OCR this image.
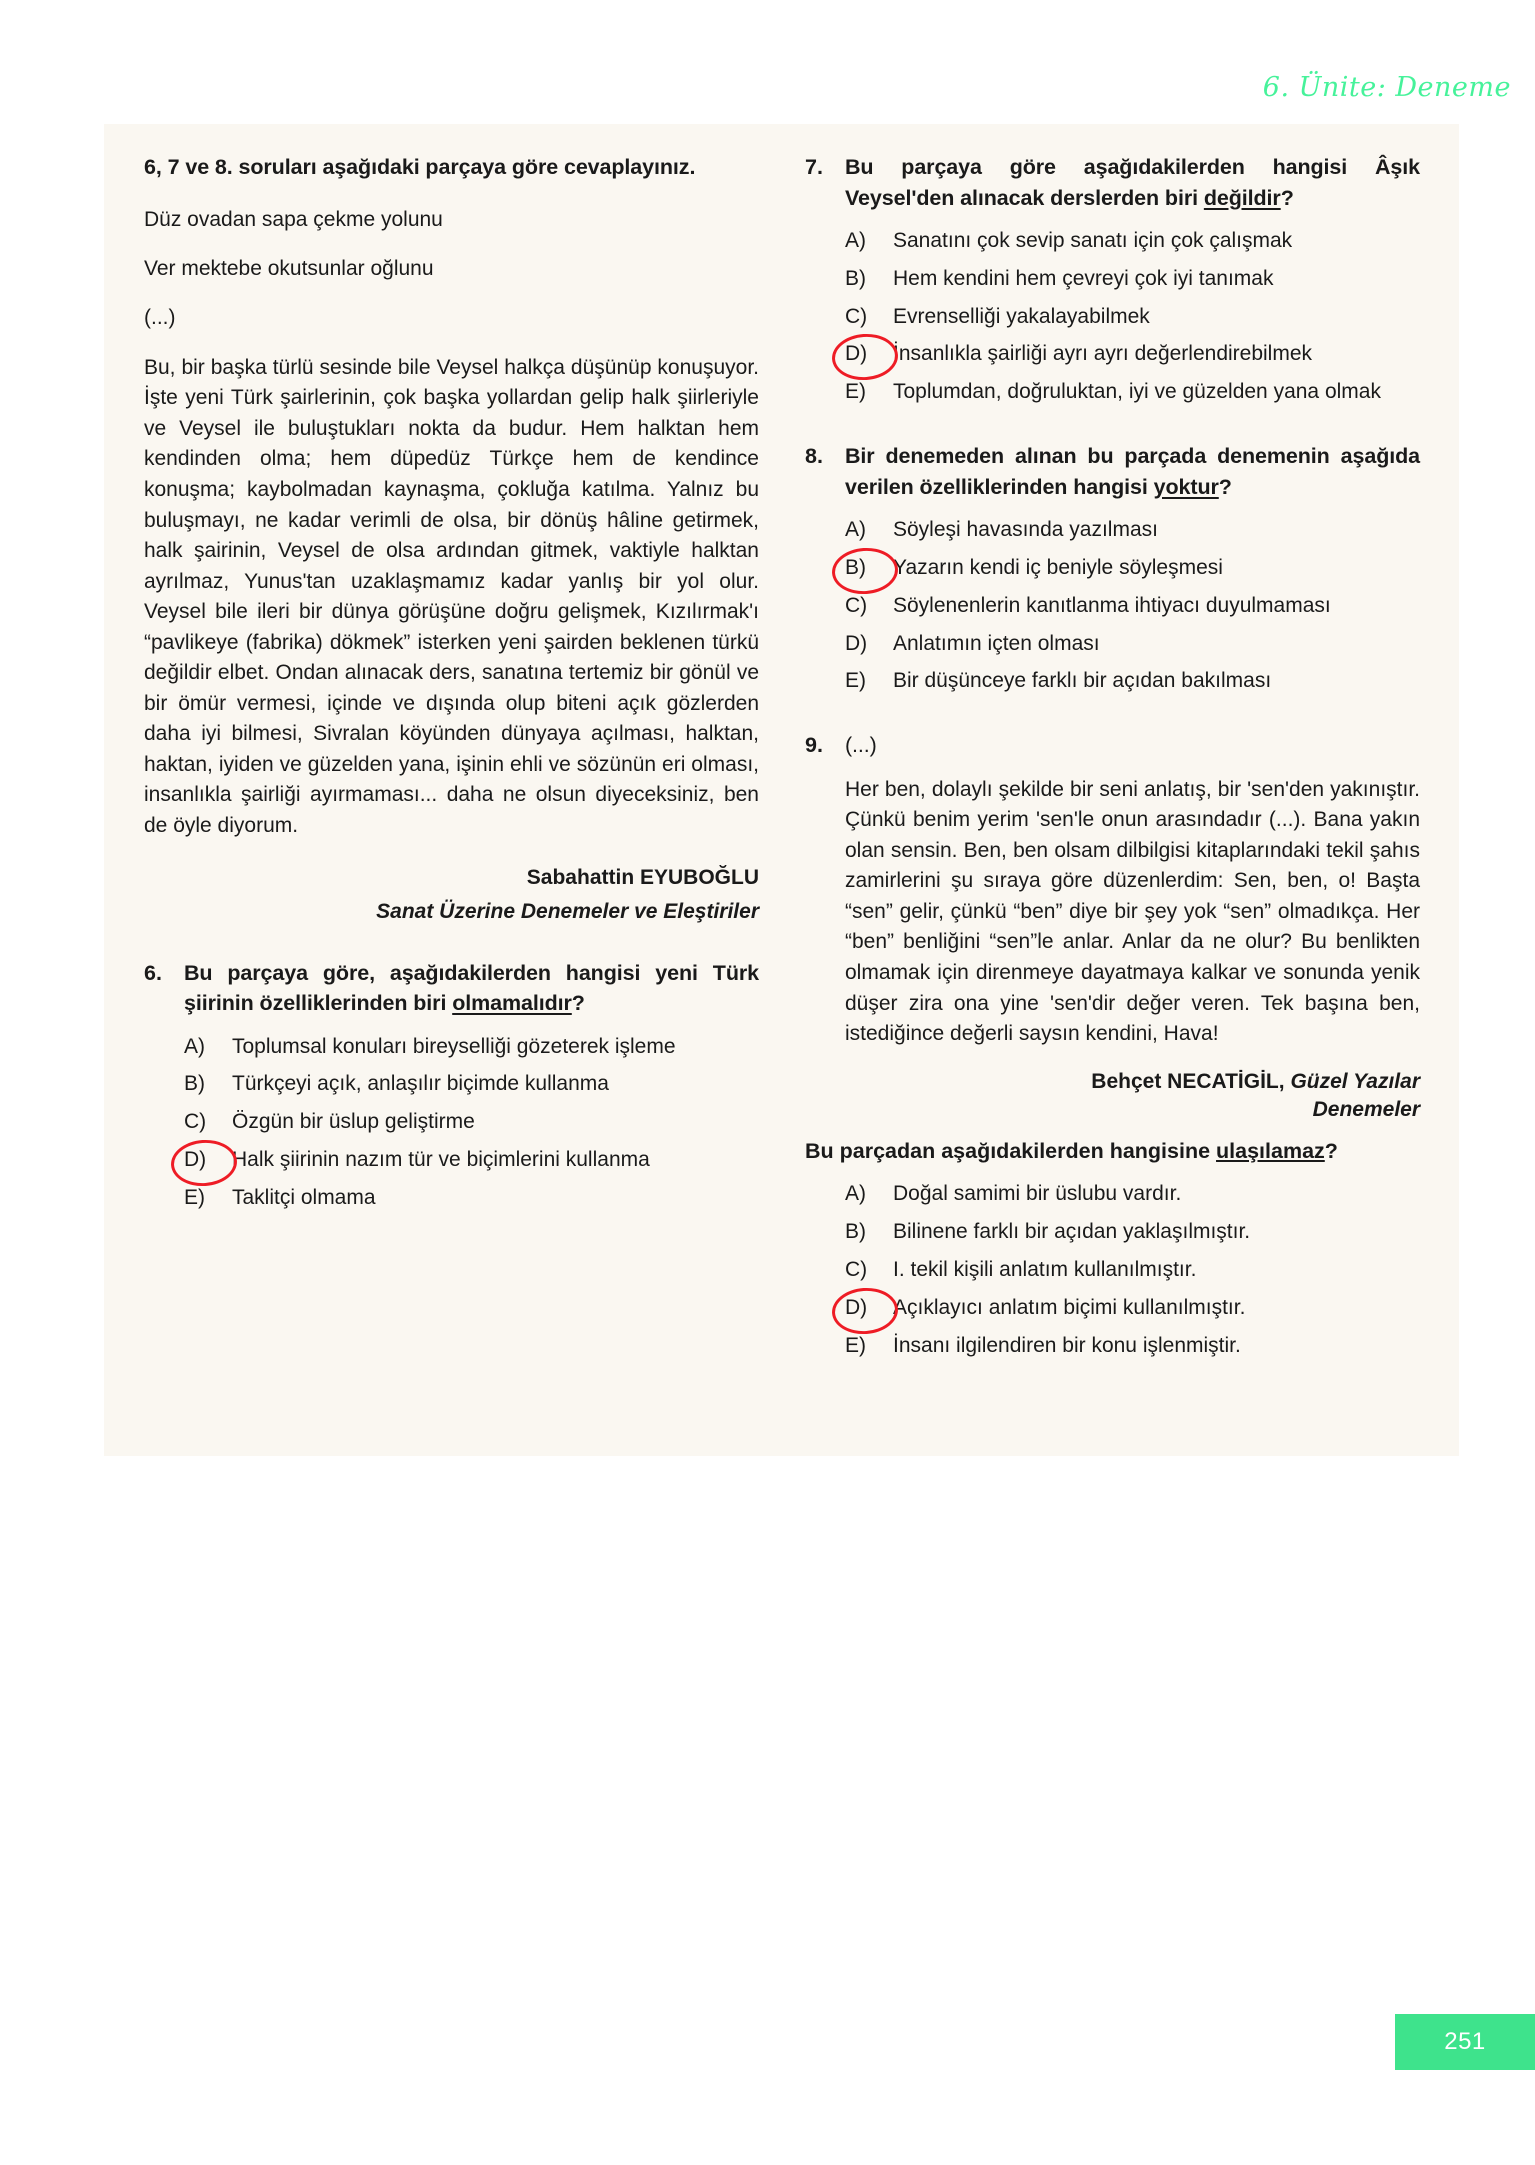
6. Ünite: Deneme

6, 7 ve 8. soruları aşağıdaki parçaya göre cevaplayınız.

Düz ovadan sapa çekme yolunu

Ver mektebe okutsunlar oğlunu

(...)

Bu, bir başka türlü sesinde bile Veysel halkça düşünüp konuşuyor. İşte yeni Türk şairlerinin, çok başka yollardan gelip halk şiirleriyle ve Veysel ile buluştukları nokta da budur. Hem halktan hem kendinden olma; hem düpedüz Türkçe hem de kendince konuşma; kaybolmadan kaynaşma, çokluğa katılma. Yalnız bu buluşmayı, ne kadar verimli de olsa, bir dönüş hâline getirmek, halk şairinin, Veysel de olsa ardından gitmek, vaktiyle halktan ayrılmaz, Yunus'tan uzaklaşmamız kadar yanlış bir yol olur. Veysel bile ileri bir dünya görüşüne doğru gelişmek, Kızılırmak'ı “pavlikeye (fabrika) dökmek” isterken yeni şairden beklenen türkü değildir elbet. Ondan alınacak ders, sanatına tertemiz bir gönül ve bir ömür vermesi, içinde ve dışında olup biteni açık gözlerden daha iyi bilmesi, Sivralan köyünden dünyaya açılması, halktan, haktan, iyiden ve güzelden yana, işinin ehli ve sözünün eri olması, insanlıkla şairliği ayırmaması... daha ne olsun diyeceksiniz, ben de öyle diyorum.

Sabahattin EYUBOĞLU

Sanat Üzerine Denemeler ve Eleştiriler

6.	Bu parçaya göre, aşağıdakilerden hangisi yeni Türk şiirinin özelliklerinden biri olmamalıdır?
A)	Toplumsal konuları bireyselliği gözeterek işleme
B)	Türkçeyi açık, anlaşılır biçimde kullanma
C)	Özgün bir üslup geliştirme
D)	Halk şiirinin nazım tür ve biçimlerini kullanma
E)	Taklitçi olmama
7.	Bu parçaya göre aşağıdakilerden hangisi Âşık Veysel'den alınacak derslerden biri değildir?
A)	Sanatını çok sevip sanatı için çok çalışmak
B)	Hem kendini hem çevreyi çok iyi tanımak
C)	Evrenselliği yakalayabilmek
D)	İnsanlıkla şairliği ayrı ayrı değerlendirebilmek
E)	Toplumdan, doğruluktan, iyi ve güzelden yana olmak
8.	Bir denemeden alınan bu parçada denemenin aşağıda verilen özelliklerinden hangisi yoktur?
A)	Söyleşi havasında yazılması
B)	Yazarın kendi iç beniyle söyleşmesi
C)	Söylenenlerin kanıtlanma ihtiyacı duyulmaması
D)	Anlatımın içten olması
E)	Bir düşünceye farklı bir açıdan bakılması
9.	(...)
Her ben, dolaylı şekilde bir seni anlatış, bir 'sen'den yakınıştır. Çünkü benim yerim 'sen'le onun arasındadır (...). Bana yakın olan sensin. Ben, ben olsam dilbilgisi kitaplarındaki tekil şahıs zamirlerini şu sıraya göre düzenlerdim: Sen, ben, o! Başta “sen” gelir, çünkü “ben” diye bir şey yok “sen” olmadıkça. Her “ben” benliğini “sen”le anlar. Anlar da ne olur? Bu benlikten olmamak için direnmeye dayatmaya kalkar ve sonunda yenik düşer zira ona yine 'sen'dir değer veren. Tek başına ben, istediğince değerli saysın kendini, Hava!

Behçet NECATİGİL, Güzel Yazılar

Denemeler

Bu parçadan aşağıdakilerden hangisine ulaşılamaz?
A)	Doğal samimi bir üslubu vardır.
B)	Bilinene farklı bir açıdan yaklaşılmıştır.
C)	I. tekil kişili anlatım kullanılmıştır.
D)	Açıklayıcı anlatım biçimi kullanılmıştır.
E)	İnsanı ilgilendiren bir konu işlenmiştir.
251
